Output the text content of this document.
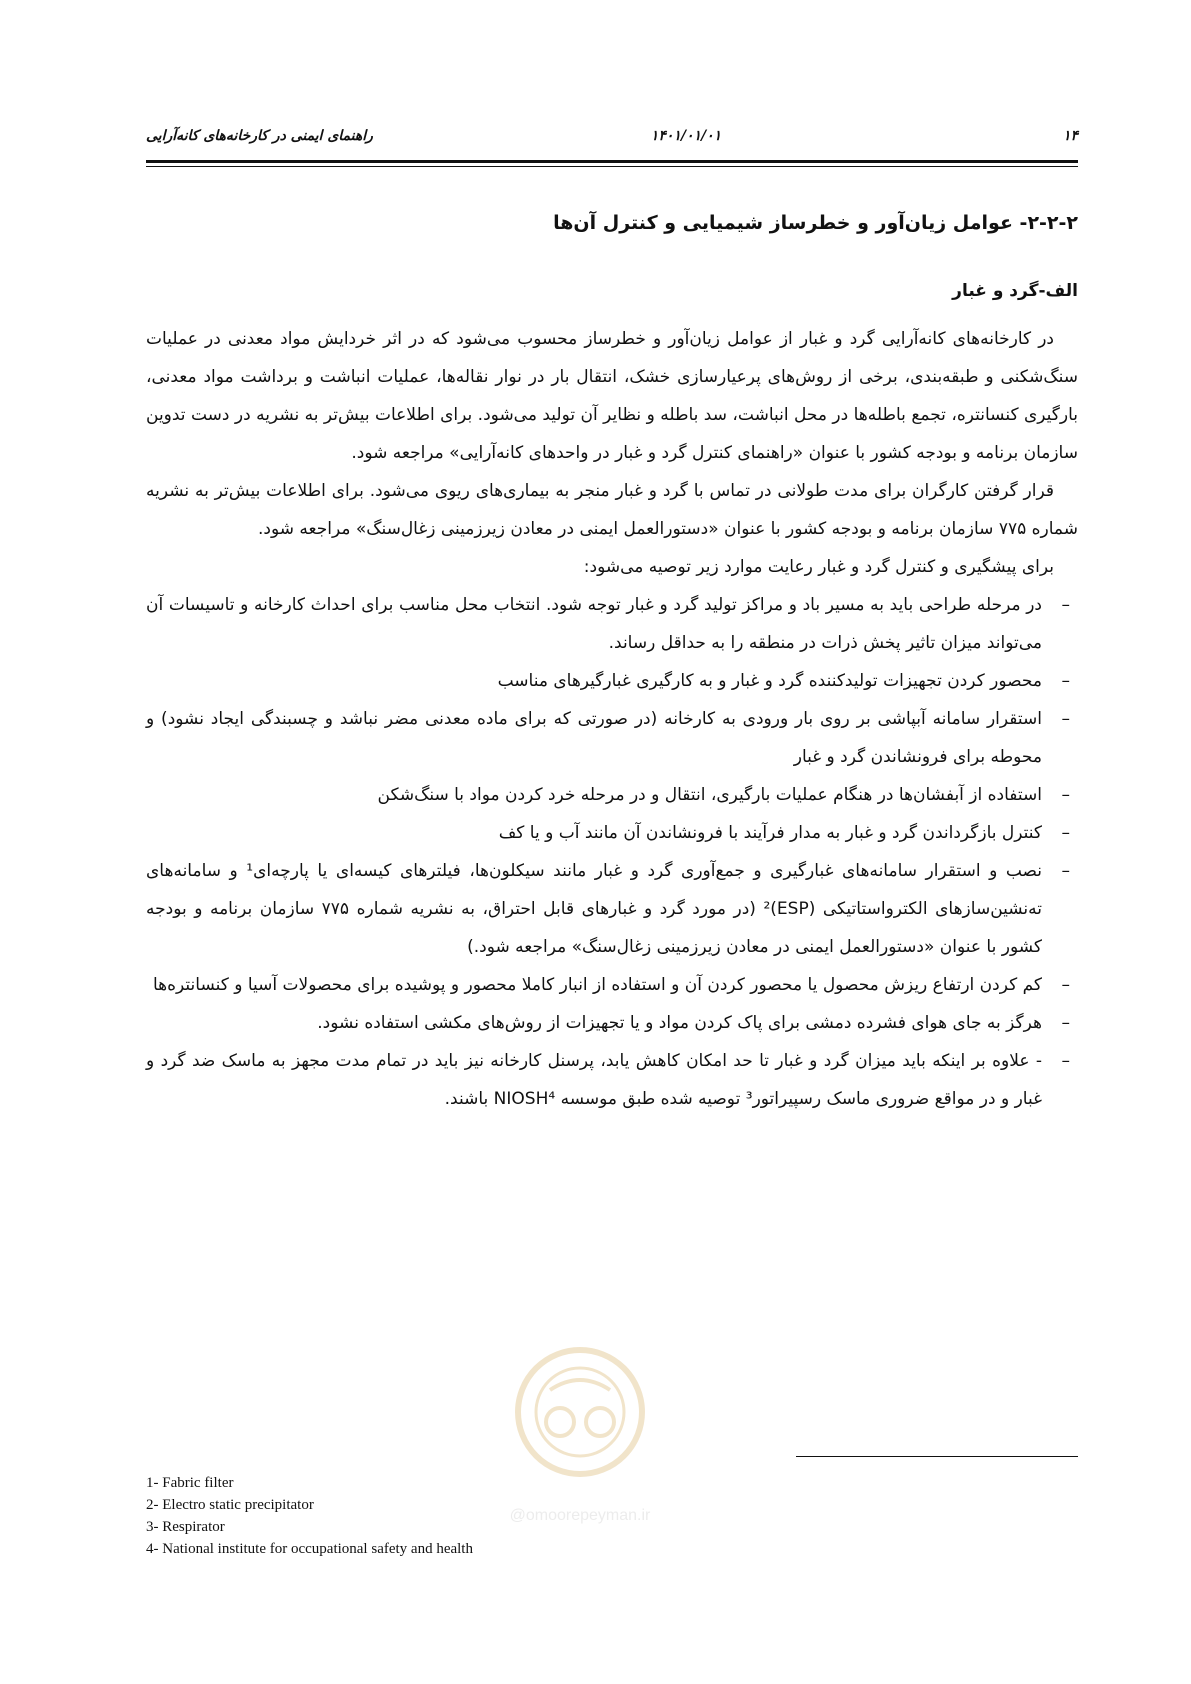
راهنمای ایمنی در کارخانه‌های کانه‌آرایی	۱۴۰۱/۰۱/۰۱	۱۴
۲-۲-۲- عوامل زیان‌آور و خطرساز شیمیایی و کنترل آن‌ها
الف-گرد و غبار

در کارخانه‌های کانه‌آرایی گرد و غبار از عوامل زیان‌آور و خطرساز محسوب می‌شود که در اثر خردایش مواد معدنی در عملیات سنگ‌شکنی و طبقه‌بندی، برخی از روش‌های پرعیارسازی خشک، انتقال بار در نوار نقاله‌ها، عملیات انباشت و برداشت مواد معدنی، بارگیری کنسانتره، تجمع باطله‌ها در محل انباشت، سد باطله و نظایر آن تولید می‌شود. برای اطلاعات بیش‌تر به نشریه در دست تدوین سازمان برنامه و بودجه کشور با عنوان «راهنمای کنترل گرد و غبار در واحدهای کانه‌آرایی» مراجعه شود.

قرار گرفتن کارگران برای مدت طولانی در تماس با گرد و غبار منجر به بیماری‌های ریوی می‌شود. برای اطلاعات بیش‌تر به نشریه شماره ۷۷۵ سازمان برنامه و بودجه کشور با عنوان «دستورالعمل ایمنی در معادن زیرزمینی زغال‌سنگ» مراجعه شود.

برای پیشگیری و کنترل گرد و غبار رعایت موارد زیر توصیه می‌شود:

–
در مرحله طراحی باید به مسیر باد و مراکز تولید گرد و غبار توجه شود. انتخاب محل مناسب برای احداث کارخانه و تاسیسات آن می‌تواند میزان تاثیر پخش ذرات در منطقه را به حداقل رساند.
–
محصور کردن تجهیزات تولیدکننده گرد و غبار و به کارگیری غبارگیرهای مناسب
–
استقرار سامانه آبپاشی بر روی بار ورودی به کارخانه (در صورتی که برای ماده معدنی مضر نباشد و چسبندگی ایجاد نشود) و محوطه برای فرونشاندن گرد و غبار
–
استفاده از آبفشان‌ها در هنگام عملیات بارگیری، انتقال و در مرحله خرد کردن مواد با سنگ‌شکن
–
کنترل بازگرداندن گرد و غبار به مدار فرآیند با فرونشاندن آن مانند آب و یا کف
–
نصب و استقرار سامانه‌های غبارگیری و جمع‌آوری گرد و غبار مانند سیکلون‌ها، فیلترهای کیسه‌ای یا پارچه‌ای¹ و سامانه‌های ته‌نشین‌سازهای الکترواستاتیکی (ESP)² (در مورد گرد و غبارهای قابل احتراق، به نشریه شماره ۷۷۵ سازمان برنامه و بودجه کشور با عنوان «دستورالعمل ایمنی در معادن زیرزمینی زغال‌سنگ» مراجعه شود.)
–
کم کردن ارتفاع ریزش محصول یا محصور کردن آن و استفاده از انبار کاملا محصور و پوشیده برای محصولات آسیا و کنسانتره‌ها
–
هرگز به جای هوای فشرده دمشی برای پاک کردن مواد و یا تجهیزات از روش‌های مکشی استفاده نشود.
–
- علاوه بر اینکه باید میزان گرد و غبار تا حد امکان کاهش یابد، پرسنل کارخانه نیز باید در تمام مدت مجهز به ماسک ضد گرد و غبار و در مواقع ضروری ماسک رسپیراتور³ توصیه شده طبق موسسه NIOSH⁴ باشند.
@omoorepeyman.ir
1- Fabric filter
2- Electro static precipitator
3- Respirator
4- National institute for occupational safety and health
